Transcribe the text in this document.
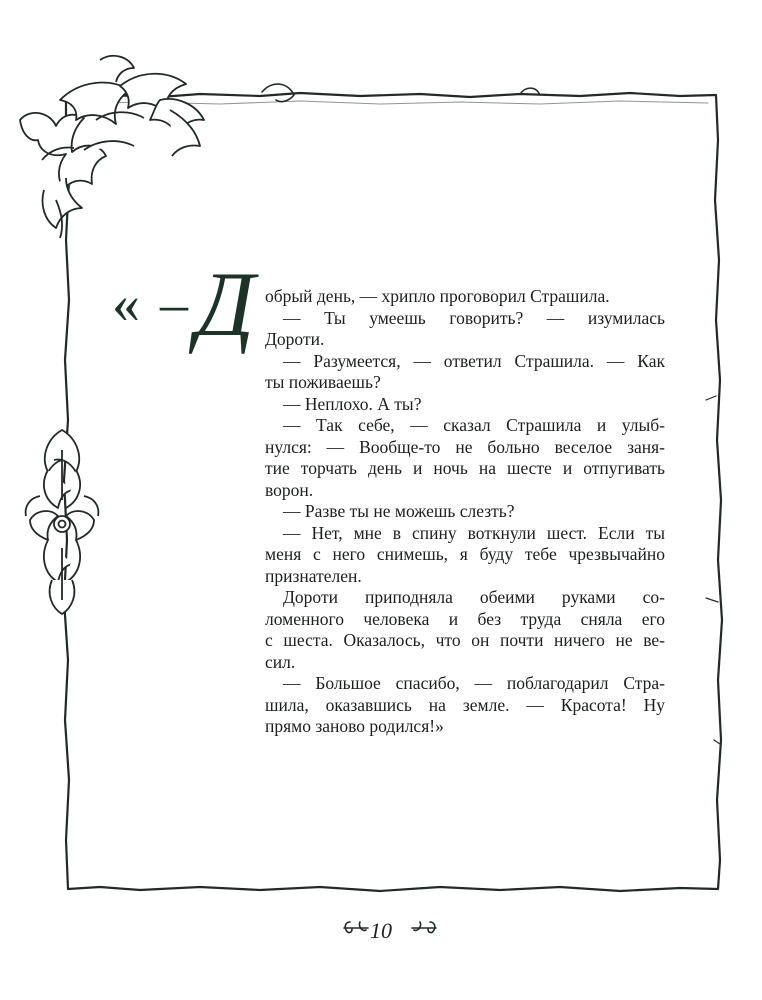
« – Д обрый день, — хрипло проговорил Страшила.

— Ты умеешь говорить? — изумилась

Дороти.

— Разумеется, — ответил Страшила. — Как

ты поживаешь?

— Неплохо. А ты?

— Так себе, — сказал Страшила и улыб-

нулся: — Вообще-то не больно веселое заня-

тие торчать день и ночь на шесте и отпугивать

ворон.

— Разве ты не можешь слезть?

— Нет, мне в спину воткнули шест. Если ты

меня с него снимешь, я буду тебе чрезвычайно

признателен.

Дороти приподняла обеими руками со-

ломенного человека и без труда сняла его

с шеста. Оказалось, что он почти ничего не ве-

сил.

— Большое спасибо, — поблагодарил Стра-

шила, оказавшись на земле. — Красота! Ну

прямо заново родился!»

10
